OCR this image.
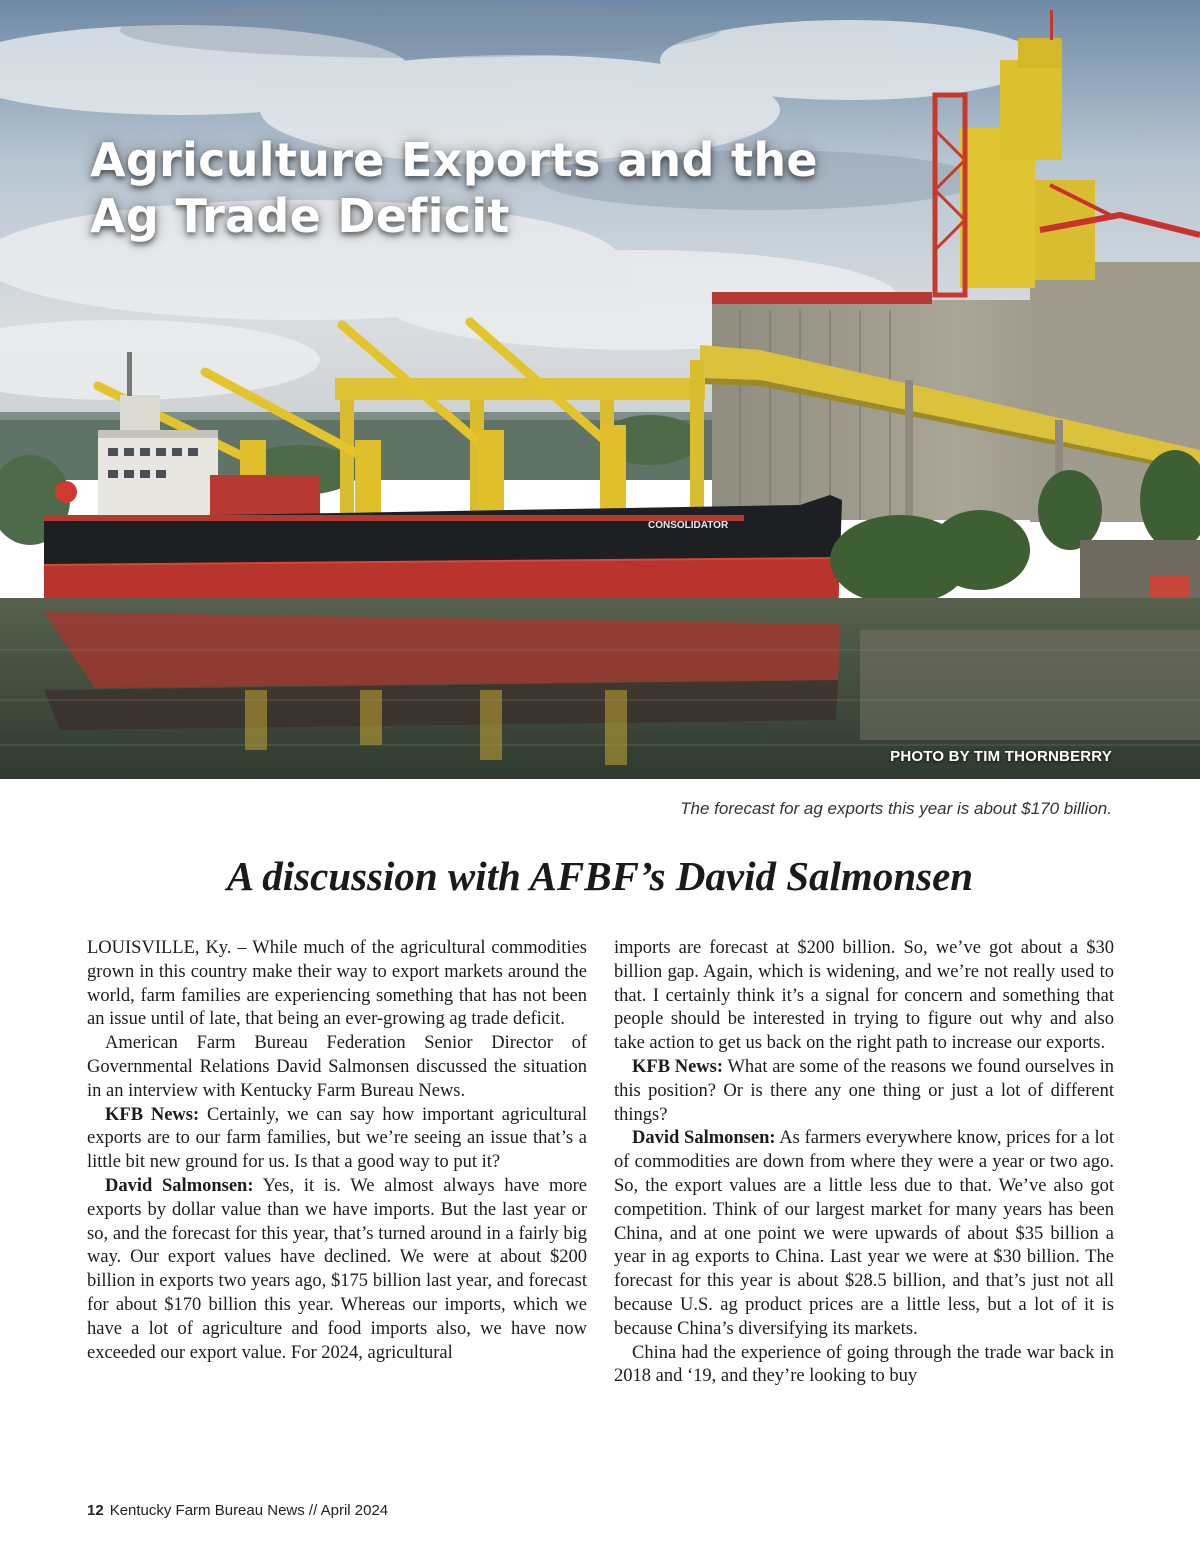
CONSOLIDATOR
Agriculture Exports and the
Ag Trade Deficit
PHOTO BY TIM THORNBERRY

The forecast for ag exports this year is about $170 billion.

A discussion with AFBF’s David Salmonsen

LOUISVILLE, Ky. – While much of the agricultural commodities grown in this country make their way to export markets around the world, farm families are experiencing something that has not been an issue until of late, that being an ever-growing ag trade deficit.

American Farm Bureau Federation Senior Director of Governmental Relations David Salmonsen discussed the situation in an interview with Kentucky Farm Bureau News.

KFB News: Certainly, we can say how important agricultural exports are to our farm families, but we’re seeing an issue that’s a little bit new ground for us. Is that a good way to put it?

David Salmonsen: Yes, it is. We almost always have more exports by dollar value than we have imports. But the last year or so, and the forecast for this year, that’s turned around in a fairly big way. Our export values have declined. We were at about $200 billion in exports two years ago, $175 billion last year, and forecast for about $170 billion this year. Whereas our imports, which we have a lot of agriculture and food imports also, we have now exceeded our export value. For 2024, agricultural

imports are forecast at $200 billion. So, we’ve got about a $30 billion gap. Again, which is widening, and we’re not really used to that. I certainly think it’s a signal for concern and something that people should be interested in trying to figure out why and also take action to get us back on the right path to increase our exports.

KFB News: What are some of the reasons we found ourselves in this position? Or is there any one thing or just a lot of different things?

David Salmonsen: As farmers everywhere know, prices for a lot of commodities are down from where they were a year or two ago. So, the export values are a little less due to that. We’ve also got competition. Think of our largest market for many years has been China, and at one point we were upwards of about $35 billion a year in ag exports to China. Last year we were at $30 billion. The forecast for this year is about $28.5 billion, and that’s just not all because U.S. ag product prices are a little less, but a lot of it is because China’s diversifying its markets.

China had the experience of going through the trade war back in 2018 and ‘19, and they’re looking to buy

12 Kentucky Farm Bureau News // April 2024
